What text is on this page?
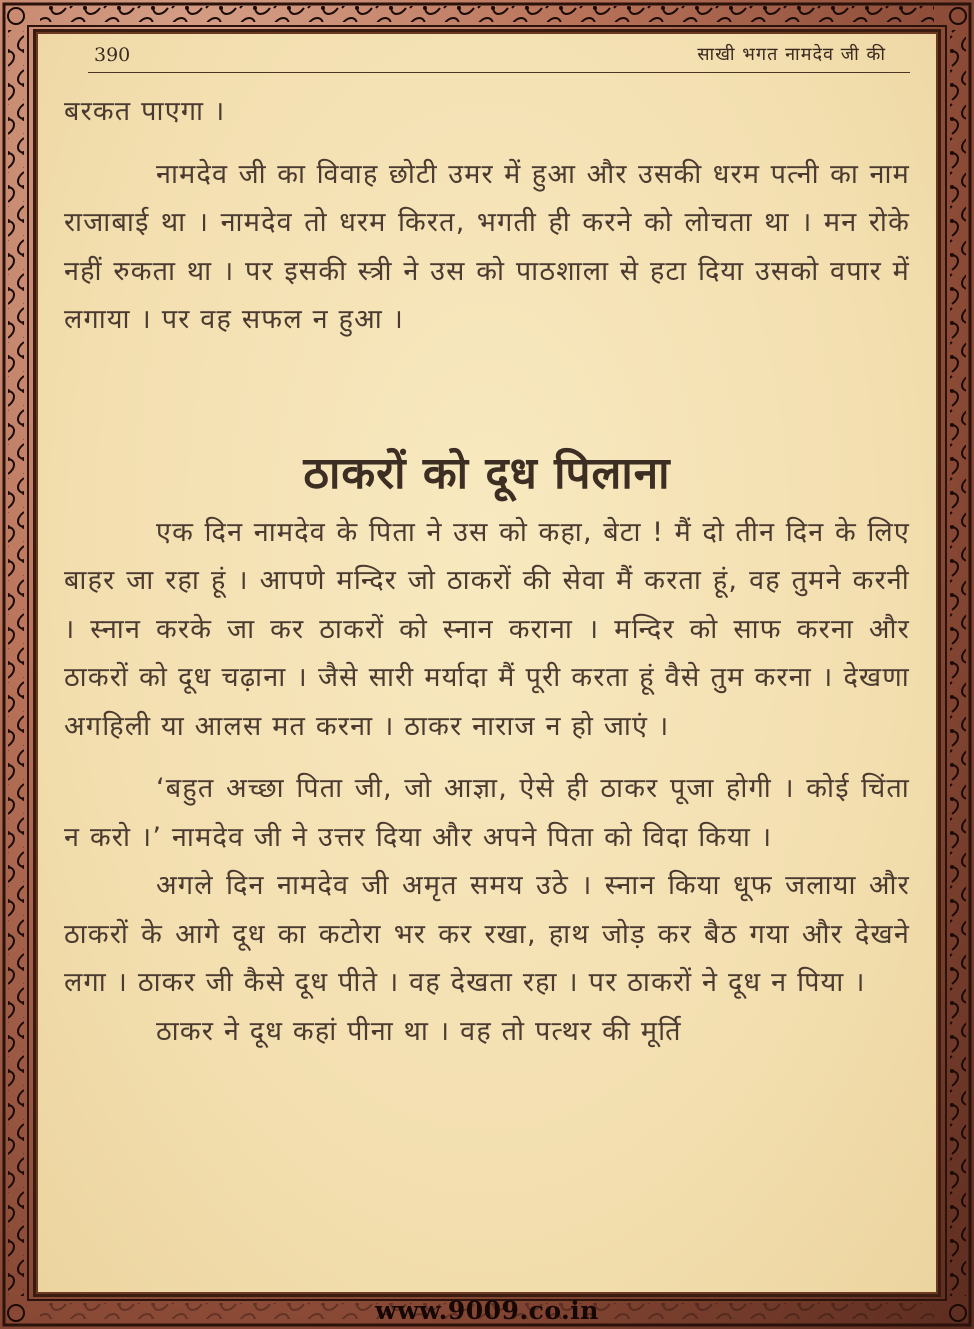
390	साखी भगत नामदेव जी की

बरकत पाएगा ।

नामदेव जी का विवाह छोटी उमर में हुआ और उसकी धरम पत्नी का नाम राजाबाई था । नामदेव तो धरम किरत, भगती ही करने को लोचता था । मन रोके नहीं रुकता था । पर इसकी स्त्री ने उस को पाठशाला से हटा दिया उसको वपार में लगाया । पर वह सफल न हुआ ।

ठाकरों को दूध पिलाना

एक दिन नामदेव के पिता ने उस को कहा, बेटा ! मैं दो तीन दिन के लिए बाहर जा रहा हूं । आपणे मन्दिर जो ठाकरों की सेवा मैं करता हूं, वह तुमने करनी । स्नान करके जा कर ठाकरों को स्नान कराना । मन्दिर को साफ करना और ठाकरों को दूध चढ़ाना । जैसे सारी मर्यादा मैं पूरी करता हूं वैसे तुम करना । देखणा अगहिली या आलस मत करना । ठाकर नाराज न हो जाएं ।

‘बहुत अच्छा पिता जी, जो आज्ञा, ऐसे ही ठाकर पूजा होगी । कोई चिंता न करो ।’ नामदेव जी ने उत्तर दिया और अपने पिता को विदा किया ।

अगले दिन नामदेव जी अमृत समय उठे । स्नान किया धूफ जलाया और ठाकरों के आगे दूध का कटोरा भर कर रखा, हाथ जोड़ कर बैठ गया और देखने लगा । ठाकर जी कैसे दूध पीते । वह देखता रहा । पर ठाकरों ने दूध न पिया ।

ठाकर ने दूध कहां पीना था । वह तो पत्थर की मूर्ति

www.9009.co.in
